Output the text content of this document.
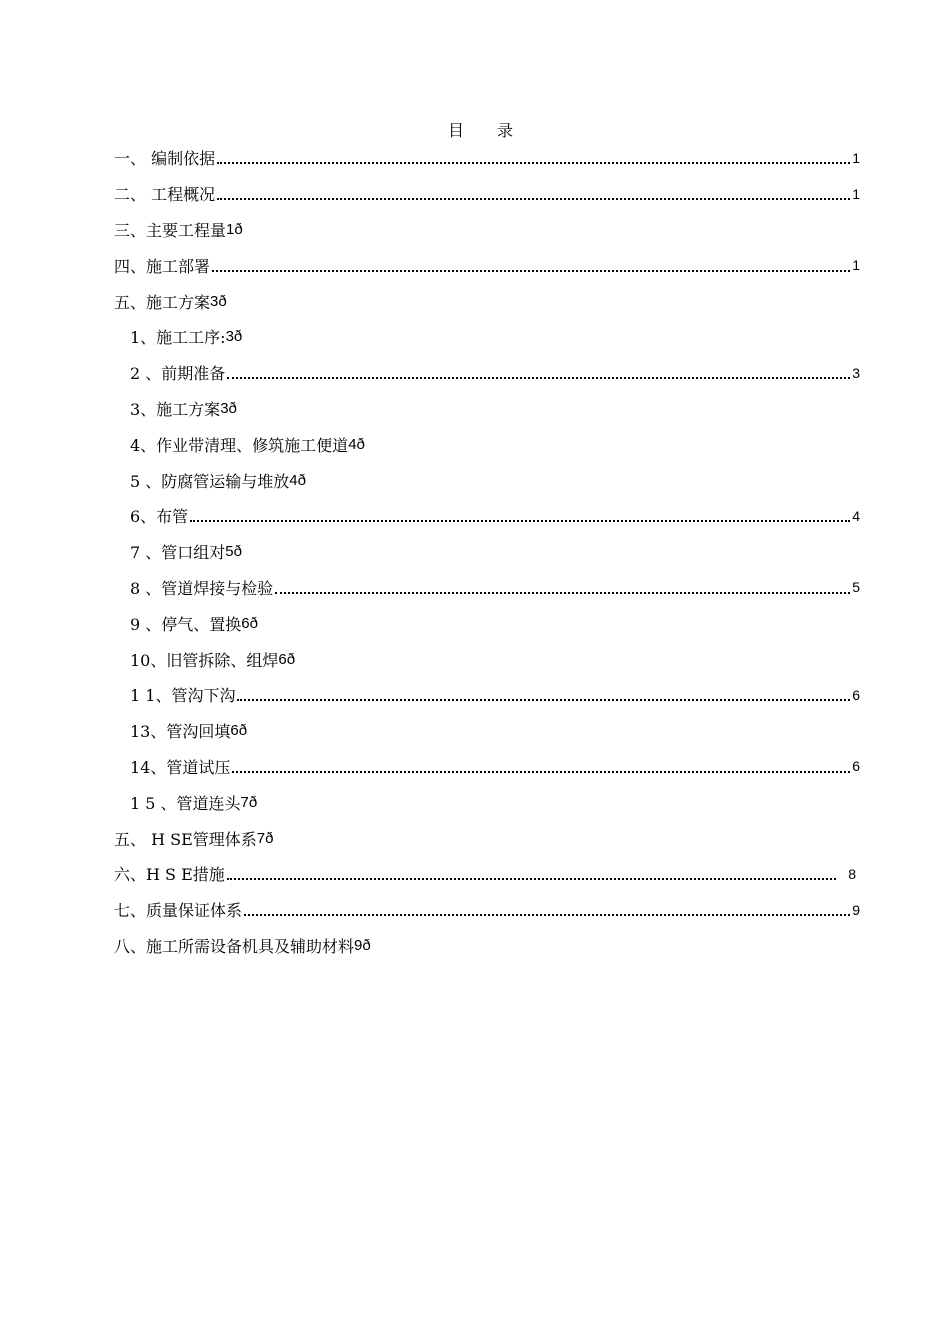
目 录
一、 编制依据	1
二、 工程概况	1
三、主要工程量 1 ð
四、施工部署	1
五、施工方案 3 ð
1、施工工序: 3 ð
2 、前期准备	3
3、施工方案 3 ð
4、作业带清理、修筑施工便道 4 ð
5 、防腐管运输与堆放 4 ð
6、布管	4
7 、管口组对 5 ð
8 、管道焊接与检验	5
9 、停气、置换 6 ð
10、旧管拆除、组焊 6 ð
1 1、管沟下沟	6
13、管沟回填 6 ð
14、管道试压	6
1 5 、管道连头 7 ð
五、 H SE管理体系 7 ð
六、H S E措施	8
七、质量保证体系	9
八、施工所需设备机具及辅助材料 9 ð
